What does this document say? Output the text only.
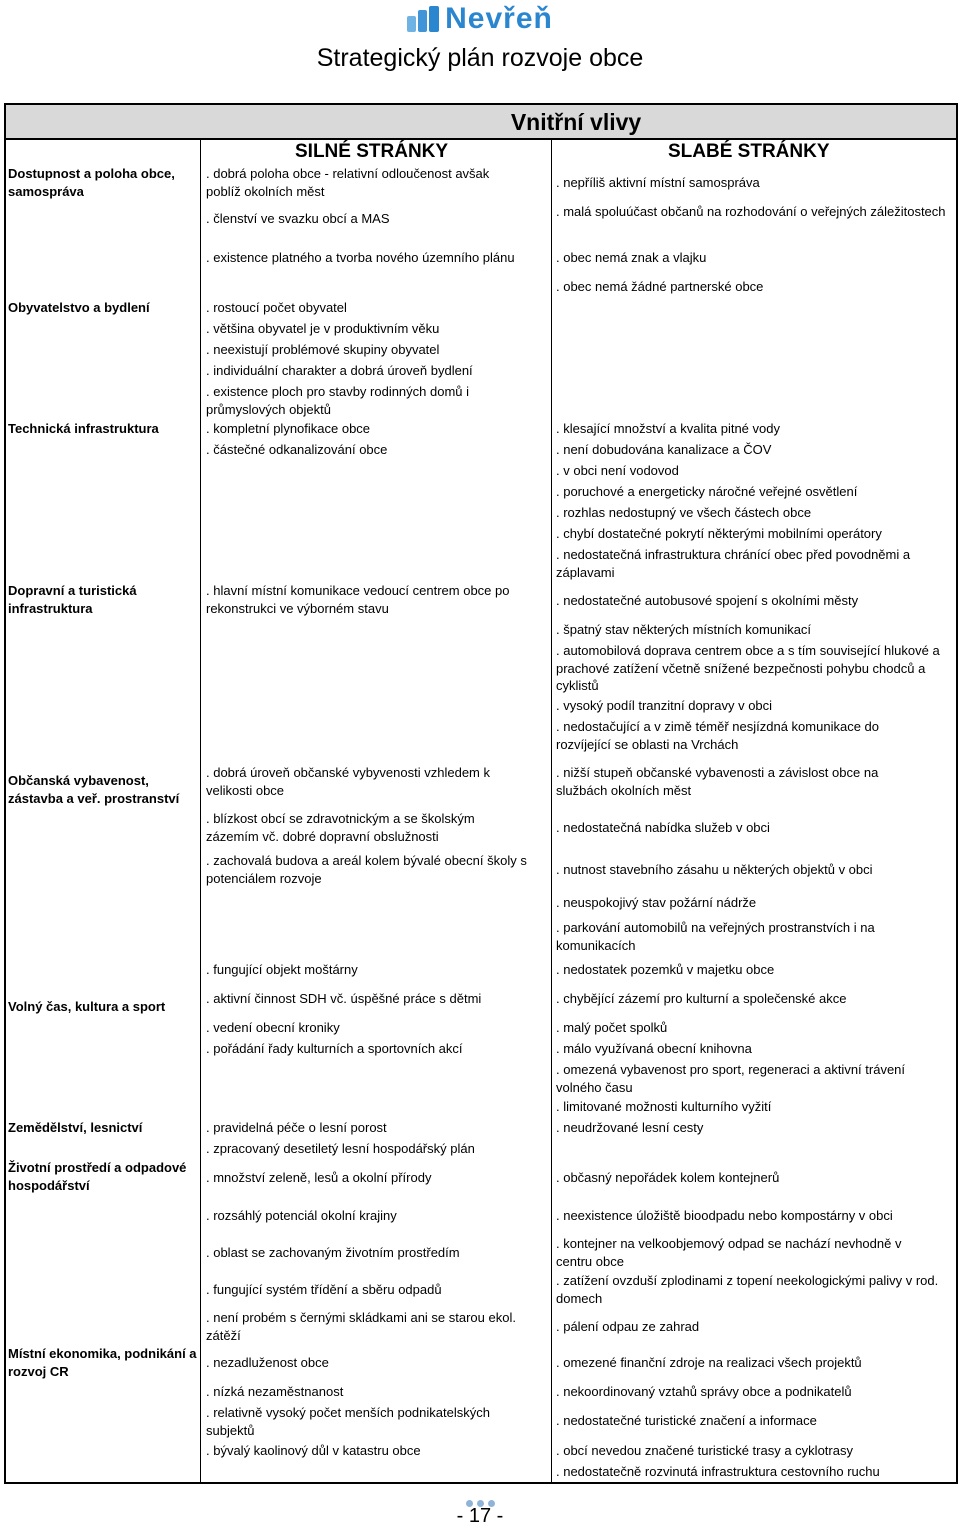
Nevřeň
Strategický plán rozvoje obce
Vnitřní vlivy
SILNÉ STRÁNKY	SLABÉ STRÁNKY
Dostupnost a poloha obce, samospráva
Obyvatelstvo a bydlení
Technická infrastruktura
Dopravní a turistická infrastruktura
Občanská vybavenost, zástavba a veř. prostranství
Volný čas, kultura a sport
Zemědělství, lesnictví
Životní prostředí a odpadové hospodářství
Místní ekonomika, podnikání a rozvoj CR
. dobrá poloha obce - relativní odloučenost avšak poblíž okolních měst
. členství ve svazku obcí a MAS
. existence platného a tvorba nového územního plánu
. rostoucí počet obyvatel
. většina obyvatel je v produktivním věku
. neexistují problémové skupiny obyvatel
. individuální charakter a dobrá úroveň bydlení
. existence ploch pro stavby rodinných domů i průmyslových objektů
. kompletní plynofikace obce
. částečné odkanalizování obce
. hlavní místní komunikace vedoucí centrem obce po rekonstrukci ve výborném stavu
. dobrá úroveň občanské vybyvenosti vzhledem k velikosti obce
. blízkost obcí se zdravotnickým a se školským zázemím vč. dobré dopravní obslužnosti
. zachovalá budova a areál kolem bývalé obecní školy s potenciálem rozvoje
. fungující objekt moštárny
. aktivní činnost SDH vč. úspěšné práce s dětmi
. vedení obecní kroniky
. pořádání řady kulturních a sportovních akcí
. pravidelná péče o lesní porost
. zpracovaný desetiletý lesní hospodářský plán
. množství zeleně, lesů a okolní přírody
. rozsáhlý potenciál okolní krajiny
. oblast se zachovaným životním prostředím
. fungující systém třídění a sběru odpadů
. není probém s černými skládkami ani se starou ekol. zátěží
. nezadluženost obce
. nízká nezaměstnanost
. relativně vysoký počet menších podnikatelských subjektů
. bývalý kaolinový důl v katastru obce
. nepříliš aktivní místní samospráva
. malá spoluúčast občanů na rozhodování o veřejných záležitostech
. obec nemá znak a vlajku
. obec nemá žádné partnerské obce
. klesající množství a kvalita pitné vody
. není dobudována kanalizace a ČOV
. v obci není vodovod
. poruchové a energeticky náročné veřejné osvětlení
. rozhlas nedostupný ve všech částech obce
. chybí dostatečné pokrytí některými mobilními operátory
. nedostatečná infrastruktura chránící obec před povodněmi a záplavami
. nedostatečné autobusové spojení s okolními městy
. špatný stav některých místních komunikací
. automobilová doprava centrem obce a s tím související hlukové a prachové zatížení včetně snížené bezpečnosti pohybu chodců a cyklistů
. vysoký podíl tranzitní dopravy v obci
. nedostačující a v zimě téměř nesjízdná komunikace do rozvíjející se oblasti na Vrchách
. nižší stupeň občanské vybavenosti a závislost obce na službách okolních měst
. nedostatečná nabídka služeb v obci
. nutnost stavebního zásahu u některých objektů v obci
. neuspokojivý stav požární nádrže
. parkování automobilů na veřejných prostranstvích i na komunikacích
. nedostatek pozemků v majetku obce
. chybějící zázemí pro kulturní a společenské akce
. malý počet spolků
. málo využívaná obecní knihovna
. omezená vybavenost pro sport, regeneraci a aktivní trávení volného času
. limitované možnosti kulturního vyžití
. neudržované lesní cesty
. občasný nepořádek kolem kontejnerů
. neexistence úložiště bioodpadu nebo kompostárny v obci
. kontejner na velkoobjemový odpad se nachází nevhodně v centru obce
. zatížení ovzduší zplodinami z topení neekologickými palivy v rod. domech
. pálení odpau ze zahrad
. omezené finanční zdroje na realizaci všech projektů
. nekoordinovaný vztahů správy obce a podnikatelů
. nedostatečné turistické značení a informace
. obcí nevedou značené turistické trasy a cyklotrasy
. nedostatečně rozvinutá infrastruktura cestovního ruchu
- 17 -
